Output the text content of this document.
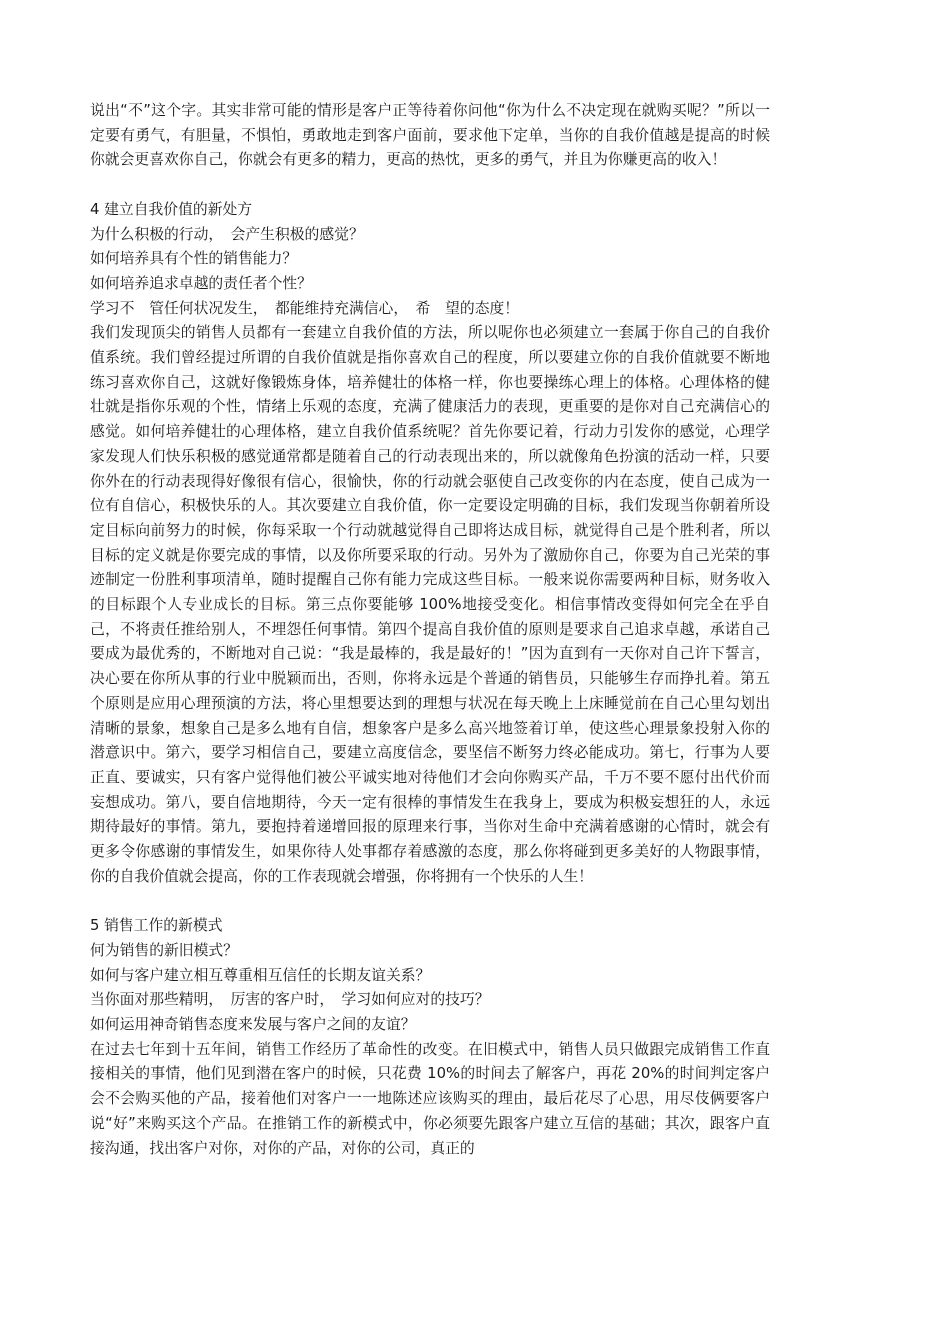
说出“不”这个字。其实非常可能的情形是客户正等待着你问他“你为什么不决定现在就购买呢？”所以一定要有勇气，有胆量，不惧怕，勇敢地走到客户面前，要求他下定单，当你的自我价值越是提高的时候你就会更喜欢你自己，你就会有更多的精力，更高的热忱，更多的勇气，并且为你赚更高的收入！

4 建立自我价值的新处方

为什么积极的行动，　会产生积极的感觉？

如何培养具有个性的销售能力？

如何培养追求卓越的责任者个性？

学习不　管任何状况发生，　都能维持充满信心，　希　望的态度！

我们发现顶尖的销售人员都有一套建立自我价值的方法，所以呢你也必须建立一套属于你自己的自我价值系统。我们曾经提过所谓的自我价值就是指你喜欢自己的程度，所以要建立你的自我价值就要不断地练习喜欢你自己，这就好像锻炼身体，培养健壮的体格一样，你也要操练心理上的体格。心理体格的健壮就是指你乐观的个性，情绪上乐观的态度，充满了健康活力的表现，更重要的是你对自己充满信心的感觉。如何培养健壮的心理体格，建立自我价值系统呢？首先你要记着，行动力引发你的感觉，心理学家发现人们快乐积极的感觉通常都是随着自己的行动表现出来的，所以就像角色扮演的活动一样，只要你外在的行动表现得好像很有信心，很愉快，你的行动就会驱使自己改变你的内在态度，使自己成为一位有自信心，积极快乐的人。其次要建立自我价值，你一定要设定明确的目标，我们发现当你朝着所设定目标向前努力的时候，你每采取一个行动就越觉得自己即将达成目标，就觉得自己是个胜利者，所以目标的定义就是你要完成的事情，以及你所要采取的行动。另外为了激励你自己，你要为自己光荣的事迹制定一份胜利事项清单，随时提醒自己你有能力完成这些目标。一般来说你需要两种目标，财务收入的目标跟个人专业成长的目标。第三点你要能够 100%地接受变化。相信事情改变得如何完全在乎自己，不将责任推给别人，不埋怨任何事情。第四个提高自我价值的原则是要求自己追求卓越，承诺自己要成为最优秀的，不断地对自己说：“我是最棒的，我是最好的！”因为直到有一天你对自己许下誓言，决心要在你所从事的行业中脱颖而出，否则，你将永远是个普通的销售员，只能够生存而挣扎着。第五个原则是应用心理预演的方法，将心里想要达到的理想与状况在每天晚上上床睡觉前在自己心里勾划出清晰的景象，想象自己是多么地有自信，想象客户是多么高兴地签着订单，使这些心理景象投射入你的潜意识中。第六，要学习相信自己，要建立高度信念，要坚信不断努力终必能成功。第七，行事为人要正直、要诚实，只有客户觉得他们被公平诚实地对待他们才会向你购买产品，千万不要不愿付出代价而妄想成功。第八，要自信地期待，今天一定有很棒的事情发生在我身上，要成为积极妄想狂的人，永远期待最好的事情。第九，要抱持着递增回报的原理来行事，当你对生命中充满着感谢的心情时，就会有更多令你感谢的事情发生，如果你待人处事都存着感激的态度，那么你将碰到更多美好的人物跟事情，你的自我价值就会提高，你的工作表现就会增强，你将拥有一个快乐的人生！

5 销售工作的新模式

何为销售的新旧模式？

如何与客户建立相互尊重相互信任的长期友谊关系？

当你面对那些精明，　厉害的客户时，　学习如何应对的技巧？

如何运用神奇销售态度来发展与客户之间的友谊？

在过去七年到十五年间，销售工作经历了革命性的改变。在旧模式中，销售人员只做跟完成销售工作直接相关的事情，他们见到潜在客户的时候，只花费 10%的时间去了解客户，再花 20%的时间判定客户会不会购买他的产品，接着他们对客户一一地陈述应该购买的理由，最后花尽了心思，用尽伎俩要客户说“好”来购买这个产品。在推销工作的新模式中，你必须要先跟客户建立互信的基础；其次，跟客户直接沟通，找出客户对你，对你的产品，对你的公司，真正的
